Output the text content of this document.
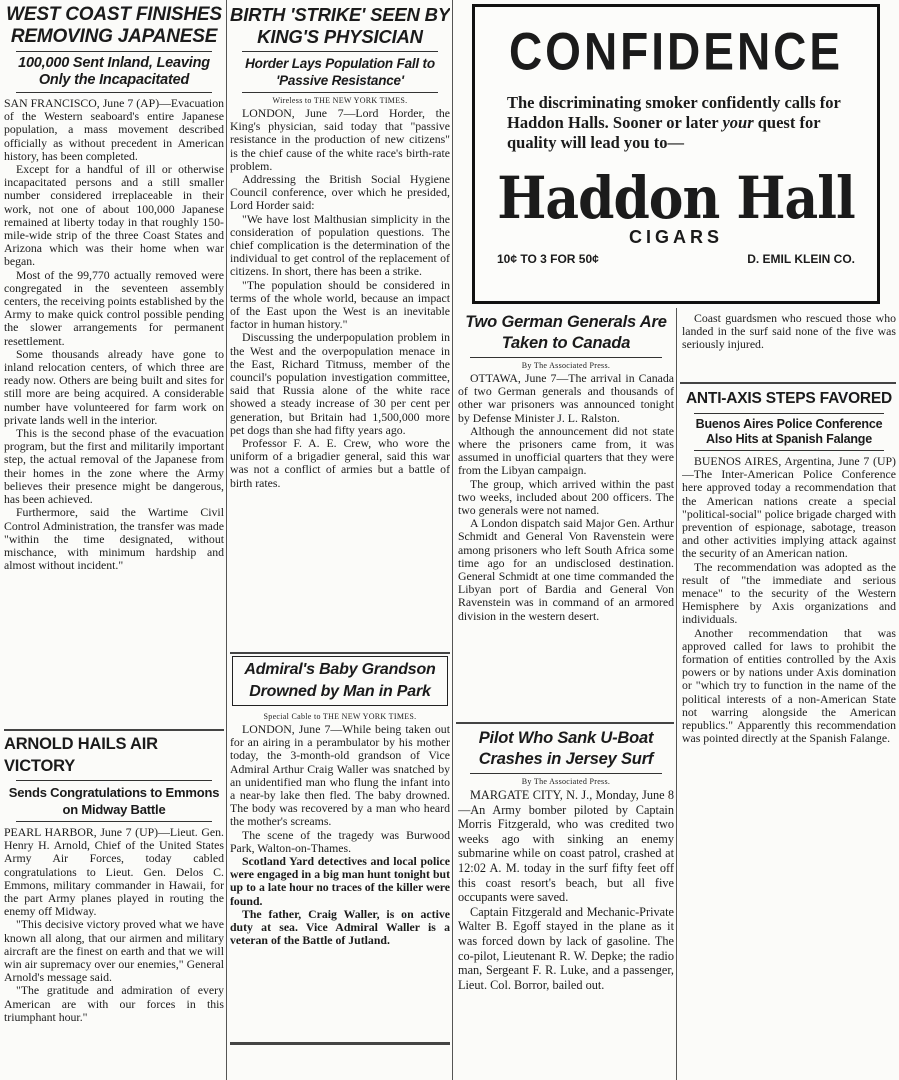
WEST COAST FINISHES REMOVING JAPANESE
100,000 Sent Inland, Leaving Only the Incapacitated

SAN FRANCISCO, June 7 (AP)—Evacuation of the Western seaboard's entire Japanese population, a mass movement described officially as without precedent in American history, has been completed.

Except for a handful of ill or otherwise incapacitated persons and a still smaller number considered irreplaceable in their work, not one of about 100,000 Japanese remained at liberty today in that roughly 150-mile-wide strip of the three Coast States and Arizona which was their home when war began.

Most of the 99,770 actually removed were congregated in the seventeen assembly centers, the receiving points established by the Army to make quick control possible pending the slower arrangements for permanent resettlement.

Some thousands already have gone to inland relocation centers, of which three are ready now. Others are being built and sites for still more are being acquired. A considerable number have volunteered for farm work on private lands well in the interior.

This is the second phase of the evacuation program, but the first and militarily important step, the actual removal of the Japanese from their homes in the zone where the Army believes their presence might be dangerous, has been achieved.

Furthermore, said the Wartime Civil Control Administration, the transfer was made "within the time designated, without mischance, with minimum hardship and almost without incident."

ARNOLD HAILS AIR VICTORY
Sends Congratulations to Emmons on Midway Battle

PEARL HARBOR, June 7 (UP)—Lieut. Gen. Henry H. Arnold, Chief of the United States Army Air Forces, today cabled congratulations to Lieut. Gen. Delos C. Emmons, military commander in Hawaii, for the part Army planes played in routing the enemy off Midway.

"This decisive victory proved what we have known all along, that our airmen and military aircraft are the finest on earth and that we will win air supremacy over our enemies," General Arnold's message said.

"The gratitude and admiration of every American are with our forces in this triumphant hour."

BIRTH 'STRIKE' SEEN BY KING'S PHYSICIAN
Horder Lays Population Fall to 'Passive Resistance'
Wireless to THE NEW YORK TIMES.

LONDON, June 7—Lord Horder, the King's physician, said today that "passive resistance in the production of new citizens" is the chief cause of the white race's birth-rate problem.

Addressing the British Social Hygiene Council conference, over which he presided, Lord Horder said:

"We have lost Malthusian simplicity in the consideration of population questions. The chief complication is the determination of the individual to get control of the replacement of citizens. In short, there has been a strike.

"The population should be considered in terms of the whole world, because an impact of the East upon the West is an inevitable factor in human history."

Discussing the underpopulation problem in the West and the overpopulation menace in the East, Richard Titmuss, member of the council's population investigation committee, said that Russia alone of the white race showed a steady increase of 30 per cent per generation, but Britain had 1,500,000 more pet dogs than she had fifty years ago.

Professor F. A. E. Crew, who wore the uniform of a brigadier general, said this war was not a conflict of armies but a battle of birth rates.

Admiral's Baby Grandson Drowned by Man in Park
Special Cable to THE NEW YORK TIMES.

LONDON, June 7—While being taken out for an airing in a perambulator by his mother today, the 3-month-old grandson of Vice Admiral Arthur Craig Waller was snatched by an unidentified man who flung the infant into a near-by lake then fled. The baby drowned. The body was recovered by a man who heard the mother's screams.

The scene of the tragedy was Burwood Park, Walton-on-Thames.

Scotland Yard detectives and local police were engaged in a big man hunt tonight but up to a late hour no traces of the killer were found.

The father, Craig Waller, is on active duty at sea. Vice Admiral Waller is a veteran of the Battle of Jutland.

CONFIDENCE
The discriminating smoker confidently calls for Haddon Halls. Sooner or later your quest for quality will lead you to—
Haddon Hall
CIGARS
10¢ TO 3 FOR 50¢	D. EMIL KLEIN CO.
Two German Generals Are Taken to Canada
By The Associated Press.

OTTAWA, June 7—The arrival in Canada of two German generals and thousands of other war prisoners was announced tonight by Defense Minister J. L. Ralston.

Although the announcement did not state where the prisoners came from, it was assumed in unofficial quarters that they were from the Libyan campaign.

The group, which arrived within the past two weeks, included about 200 officers. The two generals were not named.

A London dispatch said Major Gen. Arthur Schmidt and General Von Ravenstein were among prisoners who left South Africa some time ago for an undisclosed destination. General Schmidt at one time commanded the Libyan port of Bardia and General Von Ravenstein was in command of an armored division in the western desert.

Pilot Who Sank U-Boat Crashes in Jersey Surf
By The Associated Press.

MARGATE CITY, N. J., Monday, June 8—An Army bomber piloted by Captain Morris Fitzgerald, who was credited two weeks ago with sinking an enemy submarine while on coast patrol, crashed at 12:02 A. M. today in the surf fifty feet off this coast resort's beach, but all five occupants were saved.

Captain Fitzgerald and Mechanic-Private Walter B. Egoff stayed in the plane as it was forced down by lack of gasoline. The co-pilot, Lieutenant R. W. Depke; the radio man, Sergeant F. R. Luke, and a passenger, Lieut. Col. Borror, bailed out.

Coast guardsmen who rescued those who landed in the surf said none of the five was seriously injured.

ANTI-AXIS STEPS FAVORED
Buenos Aires Police Conference Also Hits at Spanish Falange

BUENOS AIRES, Argentina, June 7 (UP)—The Inter-American Police Conference here approved today a recommendation that the American nations create a special "political-social" police brigade charged with prevention of espionage, sabotage, treason and other activities implying attack against the security of an American nation.

The recommendation was adopted as the result of "the immediate and serious menace" to the security of the Western Hemisphere by Axis organizations and individuals.

Another recommendation that was approved called for laws to prohibit the formation of entities controlled by the Axis powers or by nations under Axis domination or "which try to function in the name of the political interests of a non-American State not warring alongside the American republics." Apparently this recommendation was pointed directly at the Spanish Falange.
